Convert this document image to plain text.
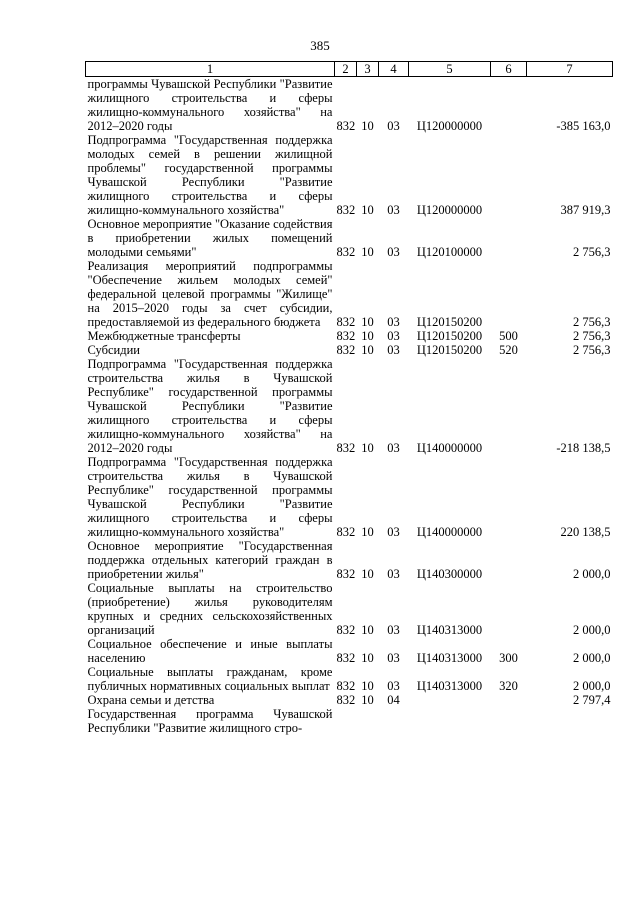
385
1	2	3	4	5	6	7
программы Чувашской Республики "Развитие жилищного строительства и сферы жилищно-коммунального хозяйства" на 2012–2020 годы	832	10	03	Ц120000000		-385 163,0
Подпрограмма "Государственная поддержка молодых семей в решении жилищной проблемы" государственной программы Чувашской Республики "Развитие жилищного строительства и сферы жилищно-коммунального хозяйства"	832	10	03	Ц120000000		387 919,3
Основное мероприятие "Оказание содействия в приобретении жилых помещений молодыми семьями"	832	10	03	Ц120100000		2 756,3
Реализация мероприятий подпрограммы "Обеспечение жильем молодых семей" федеральной целевой программы "Жилище" на 2015–2020 годы за счет субсидии, предоставляемой из федерального бюджета	832	10	03	Ц120150200		2 756,3
Межбюджетные трансферты	832	10	03	Ц120150200	500	2 756,3
Субсидии	832	10	03	Ц120150200	520	2 756,3
Подпрограмма "Государственная поддержка строительства жилья в Чувашской Республике" государственной программы Чувашской Республики "Развитие жилищного строительства и сферы жилищно-коммунального хозяйства" на 2012–2020 годы	832	10	03	Ц140000000		-218 138,5
Подпрограмма "Государственная поддержка строительства жилья в Чувашской Республике" государственной программы Чувашской Республики "Развитие жилищного строительства и сферы жилищно-коммунального хозяйства"	832	10	03	Ц140000000		220 138,5
Основное мероприятие "Государственная поддержка отдельных категорий граждан в приобретении жилья"	832	10	03	Ц140300000		2 000,0
Социальные выплаты на строительство (приобретение) жилья руководителям крупных и средних сельскохозяйственных организаций	832	10	03	Ц140313000		2 000,0
Социальное обеспечение и иные выплаты населению	832	10	03	Ц140313000	300	2 000,0
Социальные выплаты гражданам, кроме публичных нормативных социальных выплат	832	10	03	Ц140313000	320	2 000,0
Охрана семьи и детства	832	10	04			2 797,4
Государственная программа Чувашской Республики "Развитие жилищного стро-						
